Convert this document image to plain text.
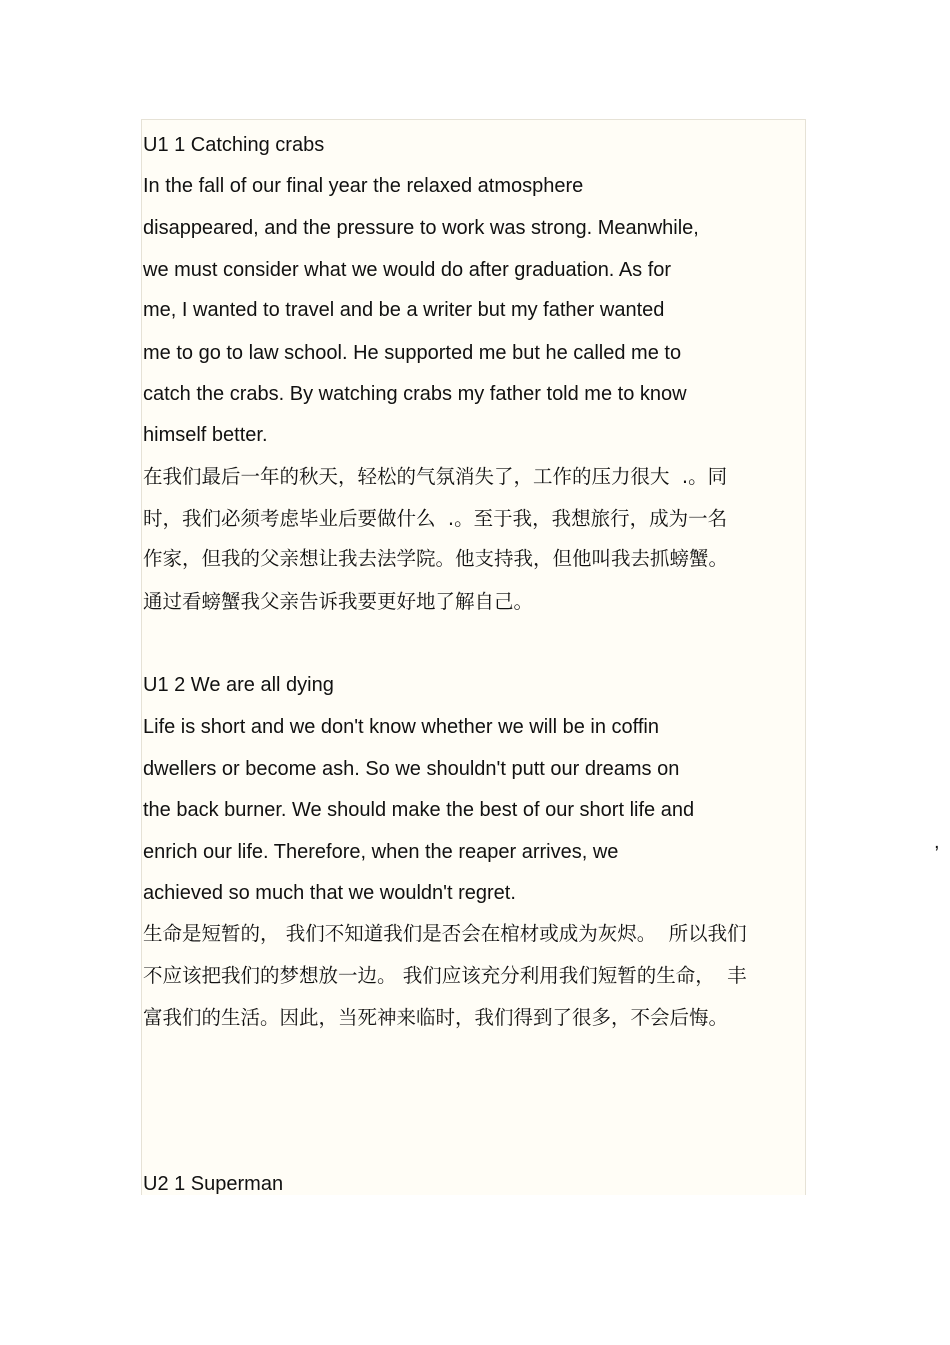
U1 1 Catching crabs
In the fall of our final year the relaxed atmosphere
disappeared, and the pressure to work was strong. Meanwhile,
we must consider what we would do after graduation. As for
me, I wanted to travel and be a writer but my father wanted
me to go to law school. He supported me but he called me to
catch the crabs. By watching crabs my father told me to know
himself better.
在我们最后一年的秋天，轻松的气氛消失了，工作的压力很大  .。同
时，我们必须考虑毕业后要做什么  .。至于我，我想旅行，成为一名
作家，但我的父亲想让我去法学院。他支持我，但他叫我去抓螃蟹。
通过看螃蟹我父亲告诉我要更好地了解自己。
U1 2 We are all dying
Life is short and we don't know whether we will be in coffin
dwellers or become ash. So we shouldn't putt our dreams on
the back burner. We should make the best of our short life and
enrich our life. Therefore, when the reaper arrives, we
achieved so much that we wouldn't regret.
生命是短暂的， 我们不知道我们是否会在棺材或成为灰烬。  所以我们
不应该把我们的梦想放一边。 我们应该充分利用我们短暂的生命，  丰
富我们的生活。因此，当死神来临时，我们得到了很多，不会后悔。
U2 1 Superman
,
